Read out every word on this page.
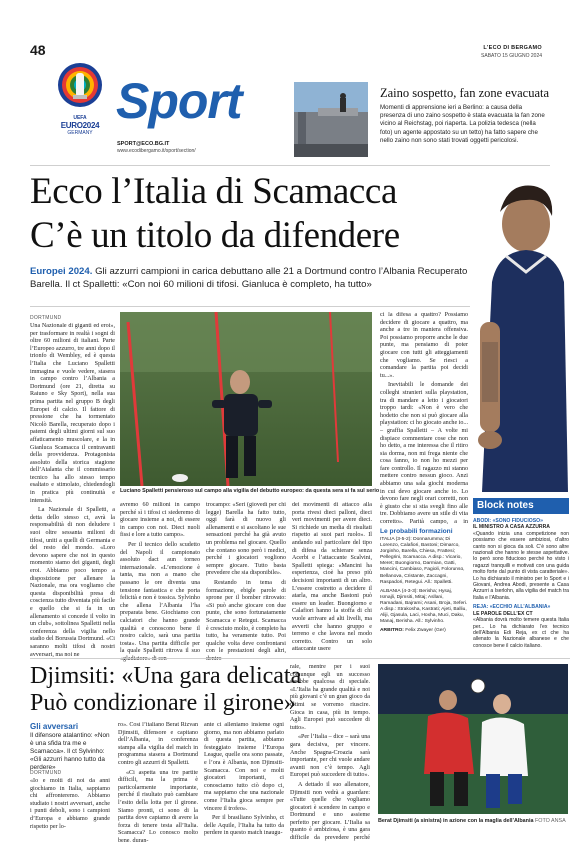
48	L'ECO DI BERGAMO
SABATO 15 GIUGNO 2024
UEFA
EURO2024
GERMANY
Sport
SPORT@ECO.BG.IT
www.ecodibergamo.it/sport/section/
Zaino sospetto, fan zone evacuata
Momenti di apprensione ieri a Berlino: a causa della presenza di uno zaino sospetto è stata evacuata la fan zone vicino al Reichstag, poi riaperta. La polizia tedesca (nella foto) un agente appostato su un tetto) ha fatto sapere che nello zaino non sono stati trovati oggetti pericolosi.
Ecco l’Italia di Scamacca
C’è un titolo da difendere
Europei 2024. Gli azzurri campioni in carica debuttano alle 21 a Dortmund contro l’Albania Recuperato Barella. Il ct Spalletti: «Con noi 60 milioni di tifosi. Gianluca è completo, ha tutto»
DORTMUND

Una Nazionale di giganti ed eroi», per trasformare in realtà i sogni di oltre 60 milioni di italiani. Parte l’Europeo azzurro, tre anni dopo il trionfo di Wembley, ed è questa l’Italia che Luciano Spalletti immagina e vuole vedere, stasera in campo contro l’Albania a Dortmund (ore 21, diretta su Raiuno e Sky Sport), nella sua prima partita nel gruppo B degli Europei di calcio. Il fattore di pressione che ha tormentato Nicolò Barella, recuperato dopo i patemi degli ultimi giorni sul suo affaticamento muscolare, e la in Gianluca Scamacca il centravanti della provvidenza. Protagonista assoluto della storica stagione dell’Atalanta che il commissario tecnico ha allo stesso tempo esaltato e stimolato, chiedendogli in pratica più continuità e intensità.

La Nazionale di Spalletti, a detta dello stesso ct, avrà la responsabilità di non deludere i suoi oltre sessanta milioni di tifosi, uniti a quelli di Germania e del resto del mondo. «Loro devono sapere che noi in questo momento siamo dei giganti, degli eroi. Abbiamo poco tempo a disposizione per allenare la Nazionale, ma ora vogliamo che questa disponibilità presa di coscienza tutto diventata più facile e quello che si fa in un allenamento si concede il volto in un club», sottolinea Spalletti nella conferenza della vigilia nello stadio del Borussia Dortmund. «Ci saranno molti tifosi di nostri avversari, ma noi ne

Luciano Spalletti pensieroso sul campo alla vigilia del debutto europeo: da questa sera si fa sul serio

avremo 60 milioni in campo perché sì i tifosi ci siederemo di giocare insieme a noi, di essere in campo con noi. Dieci nuoli fissi e lore a tutto campo».

Per il tecnico dello scudetto del Napoli il campionato assoluto dact aun torneo internazionale. «L’emozione è tanta, ma non a mano che passano le ore diventa una tensione fantastica e che porta felicità e non è tossica. Sylvinho che allena l’Albania l’ha preparata bene. Giochiamo con calciatori che hanno grande qualità e conoscono bene il nostro calcio, sarà una partita tosta». Una partita difficile per la quale Spalletti ritrova il suo

trocampo: «Seri (giovedì per chi legge) Barella ha fatto tutto, oggi farà di nuovo gli allenamenti e si ascoltano le sue sensazioni perché ha già avuto un problema nel giocare. Quello che contano sono però i medici, perché i giocatori vogliono sempre giocare. Tutto basta prevedere che sia disponibile».

Restando in tema di formazione, ebigle parole di sprone per il bomber ritrovato: «Si può anche giocare con due punte, che sono fortunatamente Scamacca e Retegui. Scamacca è cresciuto molto, è completo ha tutto, ha veramente tutto. Poi qualche volta deve confrontarsi con le prestazioni degli altri,

dei movimenti di attacco alla porta rivesi dieci palloni, dieci veri movimenti per avere dieci. Si richiede un media di risultati rispetto ai suoi pari ruolo». Il andando sul particolare del tipo di difesa da schierare senza Acerbi e l’attaccante Scalvini, Spalletti spiega: «Mancini ha esperienza, cioè ha preso più decisioni importanti di un altro. L’essere costretto a decidere il atarla, ma anche Bastoni può essere un leader. Buongiorno e Calafiori hanno la stoffa di chi vuole arrivare ad alti livelli, ma avverti che hanno gruppo e terreno e che lavora nel modo corretto. Contro un solo attaccante usere

ci la difesa a quattro? Possiamo decidere di giocare a quattro, ma anche a tre in maniera offensiva. Poi possiamo proporre anche le due punte, ma pensiamo di poter giocare con tutti gli atteggiamenti che vogliamo. Se riesci a comandare la partita poi decidi tu...».

Inevitabili le domande dei colleghi stranieri sulla playstation, tra di mandare a letto i giocatori troppo tardi: «Non è vero che hodetto che non si può giocare alla playstation: ci ho giocato anche io... – graffia Spalletti – A volte mi dispiace commentare cose che non ho detto, a me interessa che il ritiro sia dorma, non mi frega niente che cosa fanno, io non ho mezzi per fare controllo. Il ragazzo mi stanno mettere contro nessun gioco. Anzi abbiamo una sala giochi moderna in cui devo giocare anche io. Lo devono fare negli orari corretti, non è giusto che si stia svegli fino alle tre. Dobbiamo avere un stile di vita corretto». Parità campo, a in

Le probabili formazioni
ITALIA (3-5-2): Donnarumma; Di Lorenzo, Calafiori, Bastoni; Dimarco, Jorginho, Barella, Chiesa, Frattesi; Pellegrini, Scamacca. A disp.: Vicario, Meret; Buongiorno, Darmian, Gatti, Mancini, Cambiaso, Fagioli, Folorunso, Bellanova, Cristante, Zaccagni, Raspadori, Retegui. All.: Spalletti.
ALBANIA (4-3-3): Berisha; Hysaj, Ismajli, Djimsiti, Mitaj; Asllani, Ramadani, Bajrami; Asani, Broja, Seferi. A disp.: Strakosha, Kastrati; Ajeti, Balliu, Aliji, Gjasula, Laci, Hoxha, Muci, Daku, Manaj, Berisha. All.: Sylvinho.
ARBITRO: Felix Zwayer (Ger)
Block notes
ABODI: «SONO FIDUCIOSO»
IL MINISTRO A CASA AZZURRA
«Quando inizia una competizione non possiamo che essere ambiziosi, d’altro canto non si gioca da soli. C’è sono altre nazionali che hanno le stesse aspettative. Io però sono fiducioso perché ho visto i ragazzi tranquilli e motivati con una guida molto forte dal punto di vista caratteriale». Lo ha dichiarato il ministro per lo Sport e i Giovani, Andrea Abodi, presente a Casa Azzurri a Iserlohn, alla vigilia del match tra Italia e l’Albania.
REJA: «ECCHIO ALL’ALBANIA»
LE PAROLE DELL’EX CT
«Albania dovrà molto temere questa Italia per... Lo ha dichiarato l’ex tecnico dell’Albania Edi Reja, ex ct che ha allenato la Nazionale albanese e che conosce bene il calcio italiano.
Djimsiti: «Una gara delicata
Può condizionare il girone»
Gli avversari
Il difensore atalantino: «Non è una sfida tra me e Scamacca». Il ct Sylvinho: «Gli azzurri hanno tutto da perdere»
DORTMUND

«Io e molti di noi da anni giochiamo in Italia, sappiamo chi affronteremo. Abbiamo studiato i nostri avversari, anche i punti deboli, sono i campioni d’Europa e abbiamo grande rispetto per lo-

ro». Così l’italiano Berat Rizvan Djimsiti, difensore e capitano dell’Albania, in conferenza stampa alla vigilia del match in programma stasera a Dortmund contro gli azzurri di Spalletti.

«Ci aspetta una tre partite difficili, ma la prima è particolarmente importante, perché il risultato può cambiare l’esito della lotta per il girone. Siamo pronti, ci sono di la partita dove capiamo di avere la forza di tenere testa all’Italia. Scamacca? Lo conosco molto bene, duran-

ante ci alleniamo insieme ogni giorno, ma non abbiamo parlato di questa partita, abbiamo festeggiato insieme l’Europa League, quelle ora sono passate, e l’ora è Albania, non Djimsiti-Scamacca. Con noi e molti giocatori importanti, ci conosciamo tutto ciò dopo ci, ma sappiamo che una nazionale come l’Italia gioca sempre per vincere il trofeo».

Per il brasiliano Sylvinho, ct delle Aquile, l’Italia ha tutto da perdere in questo match inaugu-

rale, mentre per i suoi comunque egli un successo sarebbe qualcosa di speciale. «L’Italia ha grande qualità e noi più giovani c’è un gran gioco da ultimi se vorremo riuscire. Gioca in casa, più in tempo. Agli Europei può succedere di tutto».

«Per l’Italia – dice – sarà una gara decisiva, per vincere. Anche Spagna-Croazia sarà importante, per chi vuole andare avanti non c’è tempo. Agli Europei può succedere di tutto».

A dettado il suo allenatore, Djimsiti non vedrà a guardare: «Tutte quelle che vogliamo giocatori è scendere in campo e Dortmund e uno assieme perfetto per giocare. L’Italia sa quanto è ambiziosa, è una gara difficile da prevedere perché

Berat Djimsiti (a sinistra) in azione con la maglia dell’Albania FOTO ANSA
